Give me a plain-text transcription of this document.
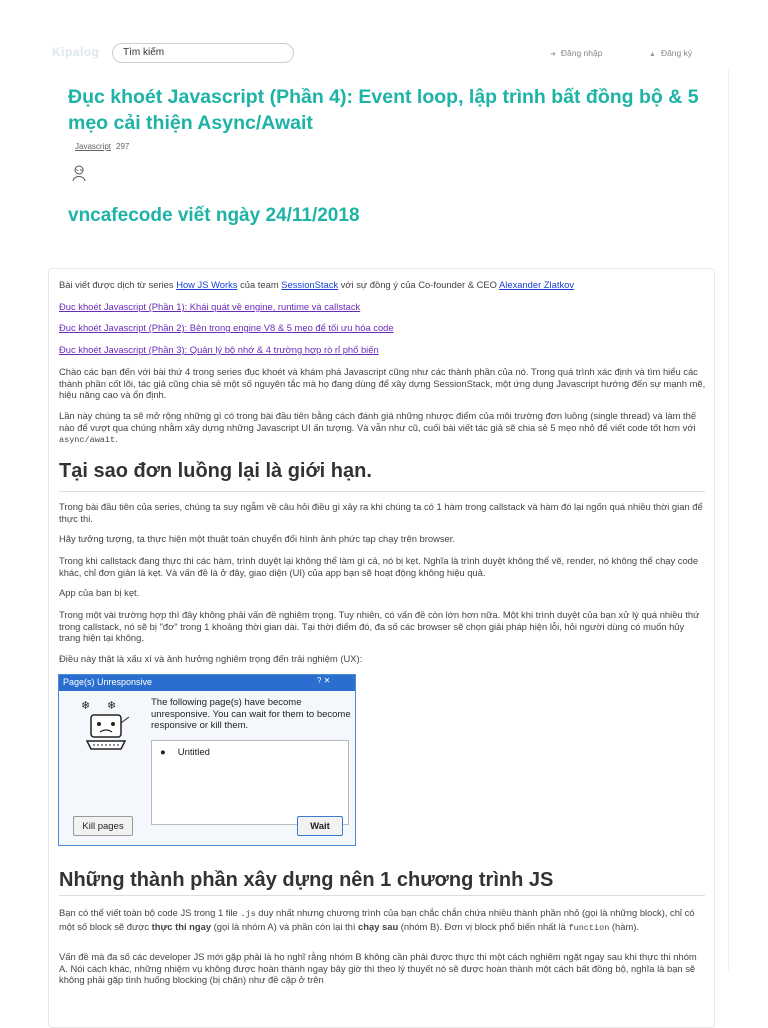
Kipalog	Tìm kiếm	➜ Đăng nhập	▲ Đăng ký
Đục khoét Javascript (Phần 4): Event loop, lập trình bất đồng bộ & 5 mẹo cải thiện Async/Await
Javascript 297
vncafecode viết ngày 24/11/2018

Bài viết được dịch từ series How JS Works của team SessionStack với sự đồng ý của Co-founder & CEO Alexander Zlatkov

Đục khoét Javascript (Phần 1): Khái quát về engine, runtime và callstack

Đục khoét Javascript (Phần 2): Bên trong engine V8 & 5 mẹo để tối ưu hóa code

Đục khoét Javascript (Phần 3): Quản lý bộ nhớ & 4 trường hợp rò rỉ phổ biến

Chào các bạn đến với bài thứ 4 trong series đục khoét và khám phá Javascript cũng như các thành phần của nó. Trong quá trình xác định và tìm hiểu các thành phần cốt lõi, tác giả cũng chia sẻ một số nguyên tắc mà họ đang dùng để xây dựng SessionStack, một ứng dụng Javascript hướng đến sự mạnh mẽ, hiệu năng cao và ổn định.

Lần này chúng ta sẽ mở rộng những gì có trong bài đầu tiên bằng cách đánh giá những nhược điểm của môi trường đơn luồng (single thread) và làm thế nào để vượt qua chúng nhằm xây dựng những Javascript UI ấn tượng. Và vẫn như cũ, cuối bài viết tác giả sẽ chia sẻ 5 mẹo nhỏ để viết code tốt hơn với async/await.

Tại sao đơn luồng lại là giới hạn.

Trong bài đầu tiên của series, chúng ta suy ngẫm về câu hỏi điều gì xảy ra khi chúng ta có 1 hàm trong callstack và hàm đó lại ngốn quá nhiều thời gian để thực thi.

Hãy tưởng tượng, ta thực hiện một thuật toán chuyển đổi hình ảnh phức tạp chạy trên browser.

Trong khi callstack đang thực thi các hàm, trình duyệt lại không thể làm gì cả, nó bị kẹt. Nghĩa là trình duyệt không thể vẽ, render, nó không thể chạy code khác, chỉ đơn giản là kẹt. Và vấn đề là ở đây, giao diện (UI) của app bạn sẽ hoạt động không hiệu quả.

App của bạn bị kẹt.

Trong một vài trường hợp thì đây không phải vấn đề nghiêm trọng. Tuy nhiên, có vấn đề còn lớn hơn nữa. Một khi trình duyệt của bạn xử lý quá nhiều thứ trong callstack, nó sẽ bị "đơ" trong 1 khoảng thời gian dài. Tại thời điểm đó, đa số các browser sẽ chọn giải pháp hiện lỗi, hỏi người dùng có muốn hủy trang hiện tại không.

Điều này thật là xấu xí và ảnh hưởng nghiêm trọng đến trải nghiệm (UX):

Những thành phần xây dựng nên 1 chương trình JS

Bạn có thể viết toàn bộ code JS trong 1 file .js duy nhất nhưng chương trình của bạn chắc chắn chứa nhiều thành phần nhỏ (gọi là những block), chỉ có một số block sẽ được thực thi ngay (gọi là nhóm A) và phần còn lại thì chạy sau (nhóm B). Đơn vị block phổ biến nhất là function (hàm).

Vấn đề mà đa số các developer JS mới gặp phải là họ nghĩ rằng nhóm B không cần phải được thực thi một cách nghiêm ngặt ngay sau khi thực thi nhóm A. Nói cách khác, những nhiệm vụ không được hoàn thành ngay bây giờ thì theo lý thuyết nó sẽ được hoàn thành một cách bất đồng bộ, nghĩa là bạn sẽ không phải gặp tình huống blocking (bị chặn) như đề cập ở trên

Page(s) Unresponsive	? ✕
❄ ❄	The following page(s) have become unresponsive. You can wait for them to become responsive or kill them.
● Untitled
Kill pages	Wait
